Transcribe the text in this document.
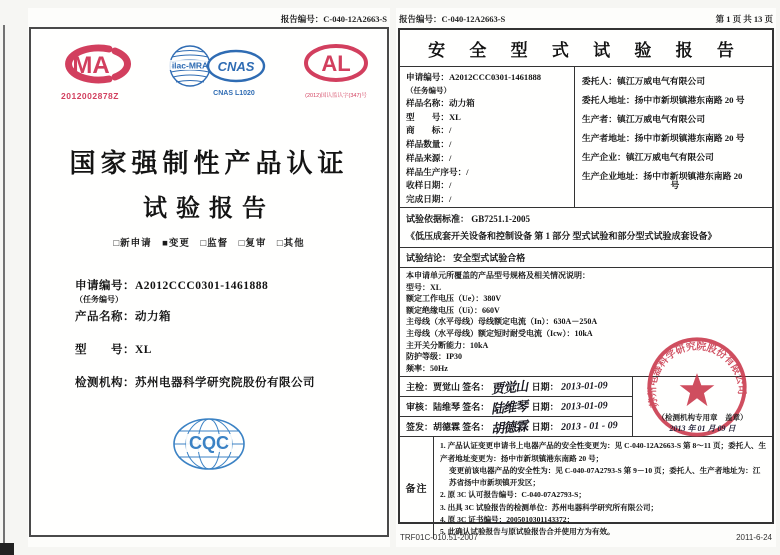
报告编号：C-040-12A2663-S
MA
2012002878Z
ilac-MRA CNAS
CNAS L1020
AL
(2012)国认监认字(347)号
国家强制性产品认证
试验报告
□新申请　■变更　□监督　□复审　□其他
申请编号：A2012CCC0301-1461888
（任务编号）
产品名称：动力箱
型　　号：XL
检测机构：苏州电器科学研究院股份有限公司
CQC
报告编号：C-040-12A2663-S	第 1 页 共 13 页
安 全 型 式 试 验 报 告
申请编号：A2012CCC0301-1461888
（任务编号）
样品名称：动力箱
型　　号：XL
商　　标：/
样品数量：/
样品来源：/
样品生产序号：/
收样日期：/
完成日期：/
委托人：镇江万威电气有限公司
委托人地址：扬中市新坝镇港东南路 20 号
生产者：镇江万威电气有限公司
生产者地址：扬中市新坝镇港东南路 20 号
生产企业：镇江万威电气有限公司
生产企业地址：扬中市新坝镇港东南路 20
号
试验依据标准： GB7251.1-2005
《低压成套开关设备和控制设备 第 1 部分 型式试验和部分型式试验成套设备》
试验结论： 安全型式试验合格
本申请单元所覆盖的产品型号规格及相关情况说明：
型号：XL
额定工作电压（Ue）：380V
额定绝缘电压（Ui）：660V
主母线（水平母线）母线额定电流（In）：630A－250A
主母线（水平母线）额定短时耐受电流（Icw）：10kA
主开关分断能力：10kA
防护等级：IP30
频率：50Hz
主检： 贾觉山
签名： 贾觉山
日期： 2013-01-09
审核： 陆维琴
签名： 陆维琴
日期： 2013-01-09
签发： 胡德霖
签名： 胡德霖
日期： 2013 - 01 - 09
苏州电器科学研究院股份有限公司
（检测机构专用章　盖章）
2013 年 01 月 09 日
备注
1. 产品认证变更申请书上电器产品的安全性变更为：见 C-040-12A2663-S 第 8～11 页；委托人、生产者地址变更为：扬中市新坝镇港东南路 20 号；
变更前该电器产品的安全性为：见 C-040-07A2793-S 第 9－10 页；委托人、生产者地址为：江苏省扬中市新坝镇开发区；
2. 原 3C 认可报告编号：C-040-07A2793-S；
3. 出具 3C 试验报告的检测单位：苏州电器科学研究所有限公司；
4. 原 3C 证书编号：2005010301143372；
5. 此确认试验报告与原试验报告合并使用方为有效。
TRF01C-010.51-2007	2011-6-24
